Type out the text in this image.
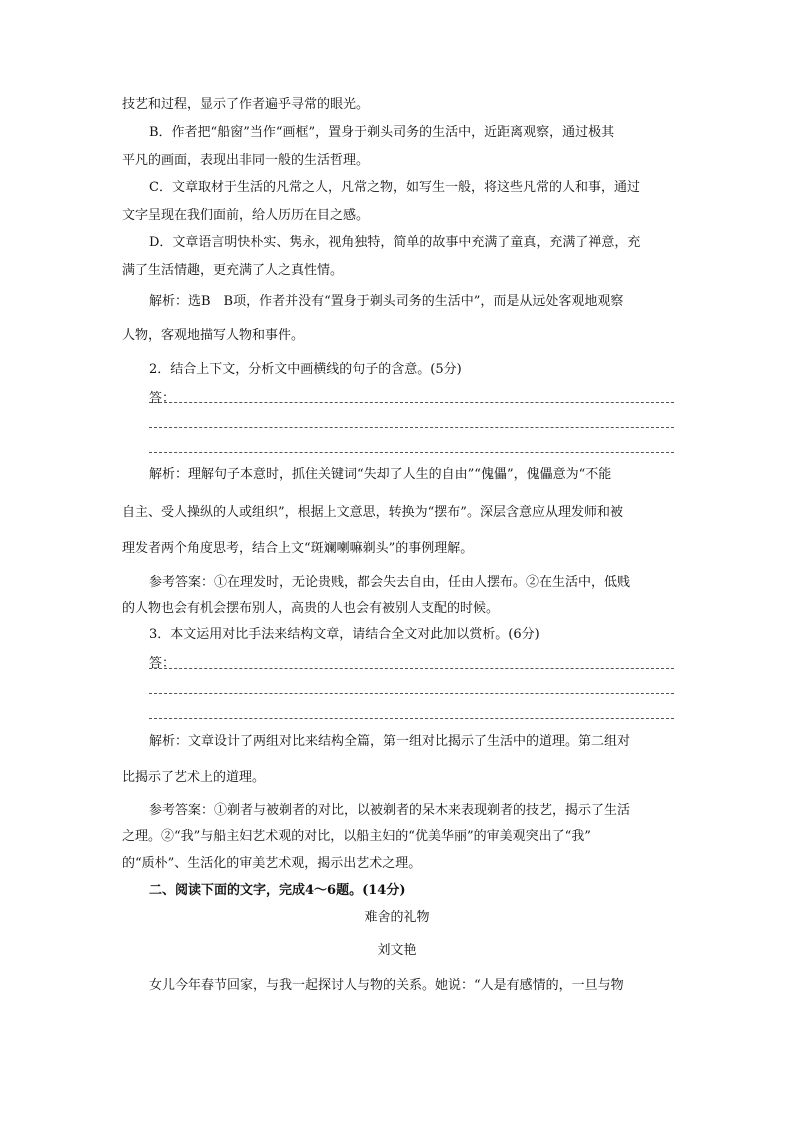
技艺和过程，显示了作者遍乎寻常的眼光。
B．作者把“船窗”当作“画框”，置身于剃头司务的生活中，近距离观察，通过极其
平凡的画面，表现出非同一般的生活哲理。
C．文章取材于生活的凡常之人，凡常之物，如写生一般，将这些凡常的人和事，通过
文字呈现在我们面前，给人历历在目之感。
D．文章语言明快朴实、隽永，视角独特，简单的故事中充满了童真，充满了禅意，充
满了生活情趣，更充满了人之真性情。
解析：选B　B项，作者并没有“置身于剃头司务的生活中”，而是从远处客观地观察
人物，客观地描写人物和事件。
2．结合上下文，分析文中画横线的句子的含意。(5分)
答：
解析：理解句子本意时，抓住关键词“失却了人生的自由”“傀儡”，傀儡意为“不能
自主、受人操纵的人或组织”，根据上文意思，转换为“摆布”。深层含意应从理发师和被
理发者两个角度思考，结合上文“斑斓喇嘛剃头”的事例理解。
参考答案：①在理发时，无论贵贱，都会失去自由，任由人摆布。②在生活中，低贱
的人物也会有机会摆布别人，高贵的人也会有被别人支配的时候。
3．本文运用对比手法来结构文章，请结合全文对此加以赏析。(6分)
答：
解析：文章设计了两组对比来结构全篇，第一组对比揭示了生活中的道理。第二组对
比揭示了艺术上的道理。
参考答案：①剃者与被剃者的对比，以被剃者的呆木来表现剃者的技艺，揭示了生活
之理。②“我”与船主妇艺术观的对比，以船主妇的“优美华丽”的审美观突出了“我”
的“质朴”、生活化的审美艺术观，揭示出艺术之理。
二、阅读下面的文字，完成4～6题。(14分)
难舍的礼物
刘文艳
女儿今年春节回家，与我一起探讨人与物的关系。她说：“人是有感情的，一旦与物
